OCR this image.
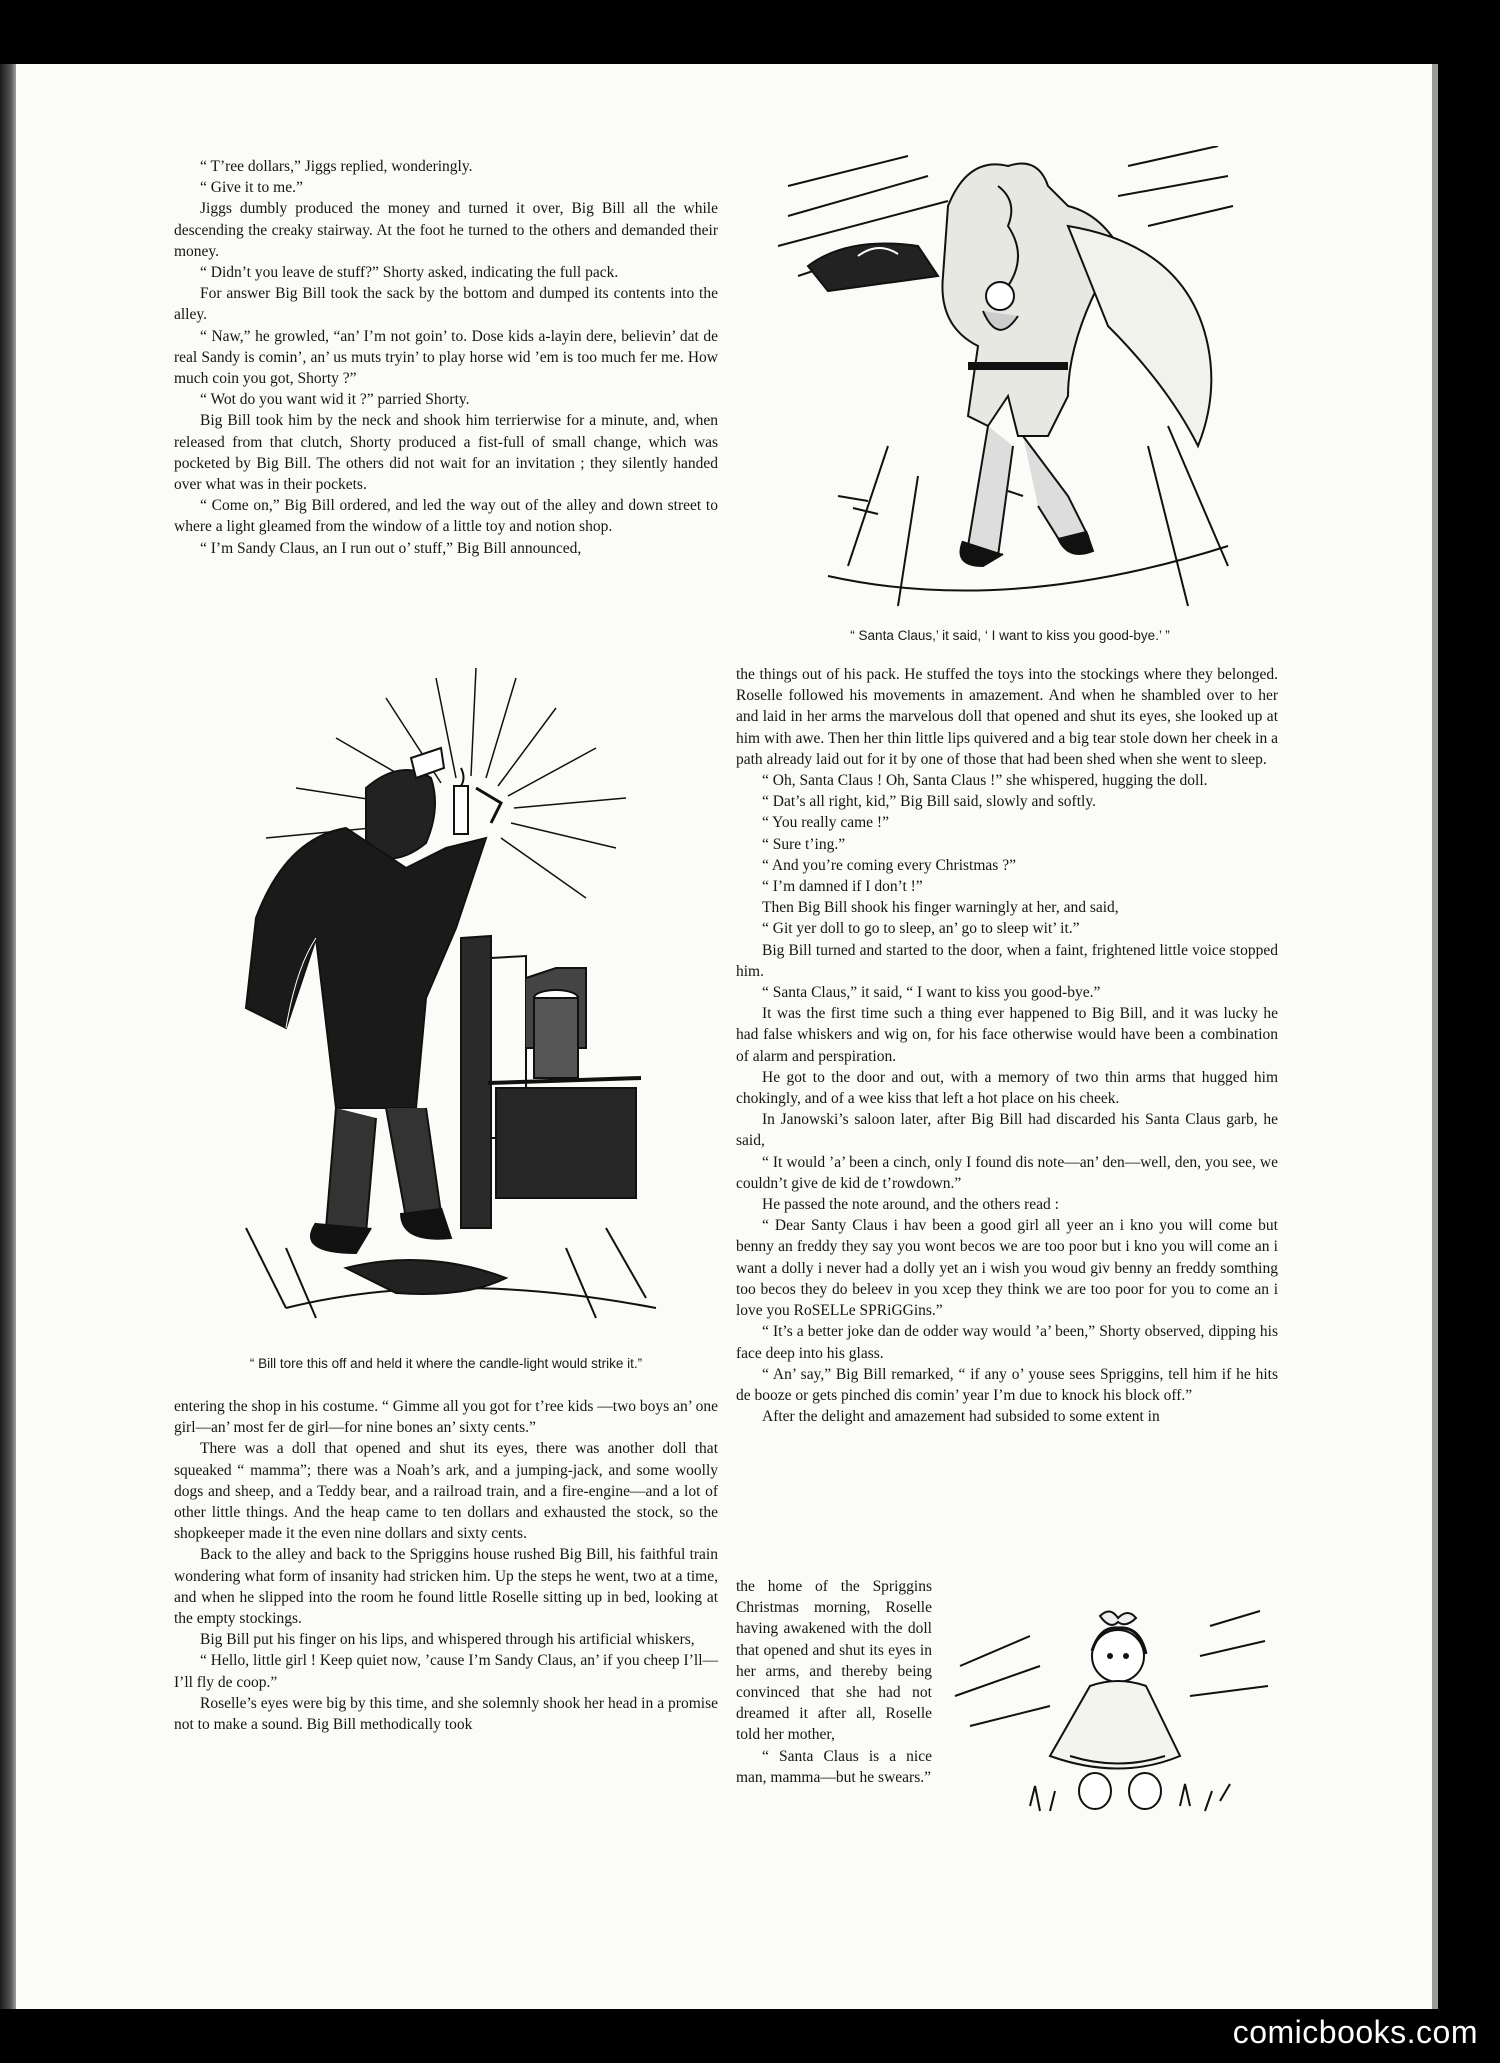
“ T’ree dollars,” Jiggs replied, wonderingly.

“ Give it to me.”

Jiggs dumbly produced the money and turned it over, Big Bill all the while descending the creaky stairway. At the foot he turned to the others and demanded their money.

“ Didn’t you leave de stuff?” Shorty asked, indicating the full pack.

For answer Big Bill took the sack by the bottom and dumped its contents into the alley.

“ Naw,” he growled, “an’ I’m not goin’ to. Dose kids a-layin dere, believin’ dat de real Sandy is comin’, an’ us muts tryin’ to play horse wid ’em is too much fer me. How much coin you got, Shorty ?”

“ Wot do you want wid it ?” parried Shorty.

Big Bill took him by the neck and shook him terrierwise for a minute, and, when released from that clutch, Shorty produced a fist-full of small change, which was pocketed by Big Bill. The others did not wait for an invitation ; they silently handed over what was in their pockets.

“ Come on,” Big Bill ordered, and led the way out of the alley and down street to where a light gleamed from the window of a little toy and notion shop.

“ I’m Sandy Claus, an I run out o’ stuff,” Big Bill announced,

entering the shop in his costume. “ Gimme all you got for t’ree kids —two boys an’ one girl—an’ most fer de girl—for nine bones an’ sixty cents.”

There was a doll that opened and shut its eyes, there was another doll that squeaked “ mamma”; there was a Noah’s ark, and a jumping-jack, and some woolly dogs and sheep, and a Teddy bear, and a railroad train, and a fire-engine—and a lot of other little things. And the heap came to ten dollars and exhausted the stock, so the shopkeeper made it the even nine dollars and sixty cents.

Back to the alley and back to the Spriggins house rushed Big Bill, his faithful train wondering what form of insanity had stricken him. Up the steps he went, two at a time, and when he slipped into the room he found little Roselle sitting up in bed, looking at the empty stockings.

Big Bill put his finger on his lips, and whispered through his artificial whiskers,

“ Hello, little girl ! Keep quiet now, ’cause I’m Sandy Claus, an’ if you cheep I’ll—I’ll fly de coop.”

Roselle’s eyes were big by this time, and she solemnly shook her head in a promise not to make a sound. Big Bill methodically took

the things out of his pack. He stuffed the toys into the stockings where they belonged. Roselle followed his movements in amazement. And when he shambled over to her and laid in her arms the marvelous doll that opened and shut its eyes, she looked up at him with awe. Then her thin little lips quivered and a big tear stole down her cheek in a path already laid out for it by one of those that had been shed when she went to sleep.

“ Oh, Santa Claus ! Oh, Santa Claus !” she whispered, hugging the doll.

“ Dat’s all right, kid,” Big Bill said, slowly and softly.

“ You really came !”

“ Sure t’ing.”

“ And you’re coming every Christmas ?”

“ I’m damned if I don’t !”

Then Big Bill shook his finger warningly at her, and said,

“ Git yer doll to go to sleep, an’ go to sleep wit’ it.”

Big Bill turned and started to the door, when a faint, frightened little voice stopped him.

“ Santa Claus,” it said, “ I want to kiss you good-bye.”

It was the first time such a thing ever happened to Big Bill, and it was lucky he had false whiskers and wig on, for his face otherwise would have been a combination of alarm and perspiration.

He got to the door and out, with a memory of two thin arms that hugged him chokingly, and of a wee kiss that left a hot place on his cheek.

In Janowski’s saloon later, after Big Bill had discarded his Santa Claus garb, he said,

“ It would ’a’ been a cinch, only I found dis note—an’ den—well, den, you see, we couldn’t give de kid de t’rowdown.”

He passed the note around, and the others read :

“ Dear Santy Claus i hav been a good girl all yeer an i kno you will come but benny an freddy they say you wont becos we are too poor but i kno you will come an i want a dolly i never had a dolly yet an i wish you woud giv benny an freddy somthing too becos they do beleev in you xcep they think we are too poor for you to come an i love you RoSELLe SPRiGGins.”

“ It’s a better joke dan de odder way would ’a’ been,” Shorty observed, dipping his face deep into his glass.

“ An’ say,” Big Bill remarked, “ if any o’ youse sees Spriggins, tell him if he hits de booze or gets pinched dis comin’ year I’m due to knock his block off.”

After the delight and amazement had subsided to some extent in

the home of the Spriggins Christmas morning, Roselle having awakened with the doll that opened and shut its eyes in her arms, and thereby being convinced that she had not dreamed it after all, Roselle told her mother,

“ Santa Claus is a nice man, mamma—but he swears.”

“ Santa Claus,’ it said, ‘ I want to kiss you good-bye.’ ”

“ Bill tore this off and held it where the candle-light would strike it.”

comicbooks.com
